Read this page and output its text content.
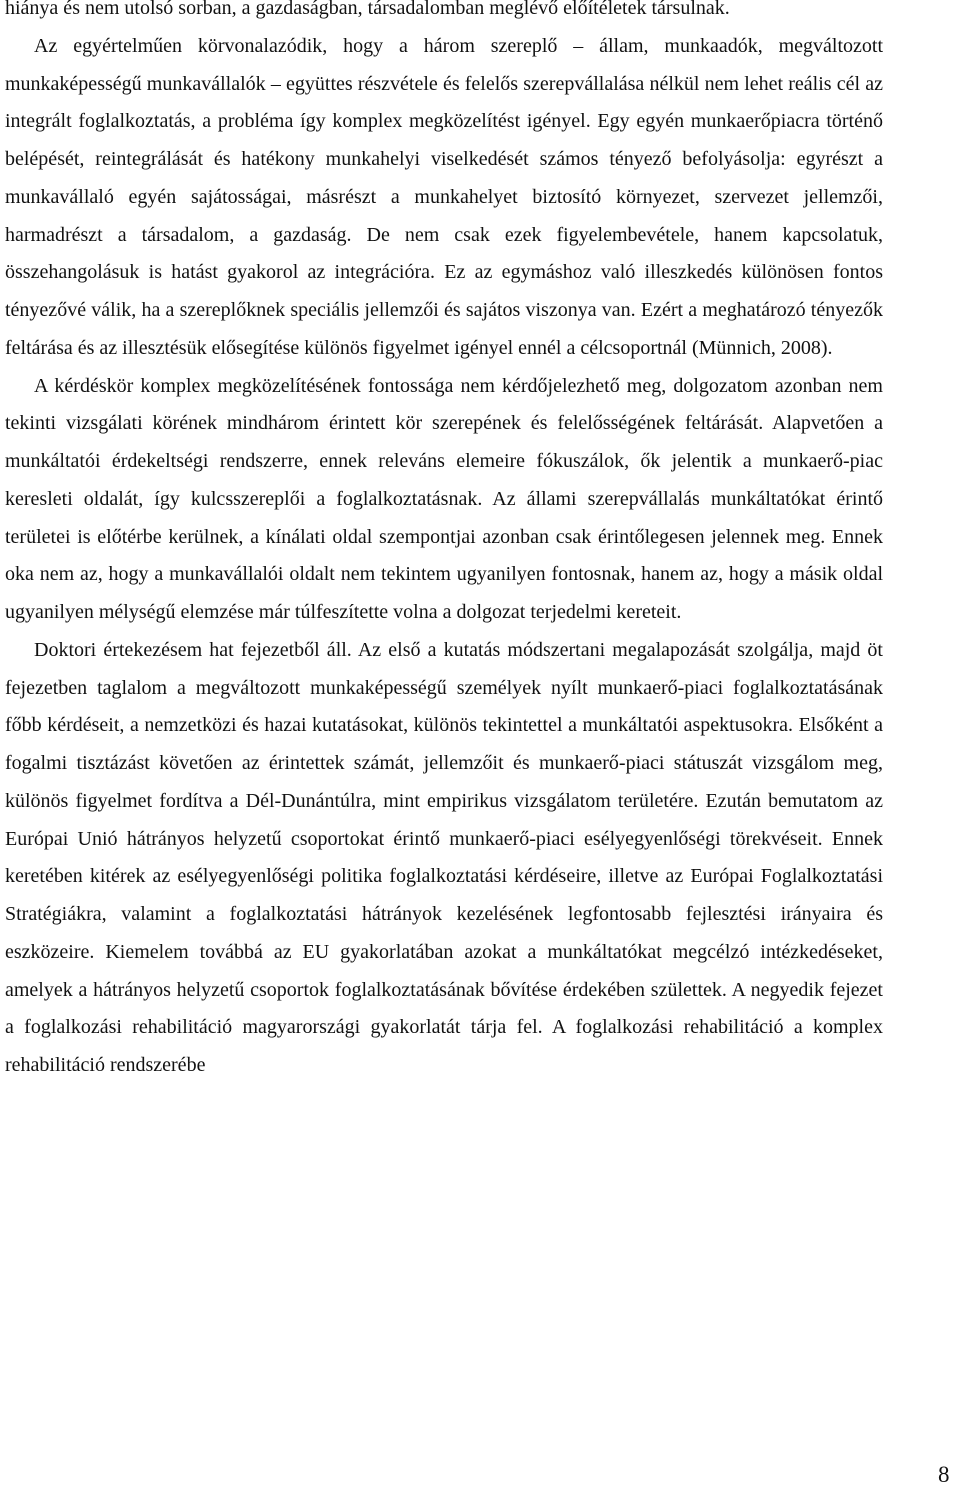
hiánya és nem utolsó sorban, a gazdaságban, társadalomban meglévő előítéletek társulnak.

Az egyértelműen körvonalazódik, hogy a három szereplő – állam, munkaadók, megváltozott munkaképességű munkavállalók – együttes részvétele és felelős szerepvállalása nélkül nem lehet reális cél az integrált foglalkoztatás, a probléma így komplex megközelítést igényel. Egy egyén munkaerőpiacra történő belépését, reintegrálását és hatékony munkahelyi viselkedését számos tényező befolyásolja: egyrészt a munkavállaló egyén sajátosságai, másrészt a munkahelyet biztosító környezet, szervezet jellemzői, harmadrészt a társadalom, a gazdaság. De nem csak ezek figyelembevétele, hanem kapcsolatuk, összehangolásuk is hatást gyakorol az integrációra. Ez az egymáshoz való illeszkedés különösen fontos tényezővé válik, ha a szereplőknek speciális jellemzői és sajátos viszonya van. Ezért a meghatározó tényezők feltárása és az illesztésük elősegítése különös figyelmet igényel ennél a célcsoportnál (Münnich, 2008).

A kérdéskör komplex megközelítésének fontossága nem kérdőjelezhető meg, dolgozatom azonban nem tekinti vizsgálati körének mindhárom érintett kör szerepének és felelősségének feltárását. Alapvetően a munkáltatói érdekeltségi rendszerre, ennek releváns elemeire fókuszálok, ők jelentik a munkaerő-piac keresleti oldalát, így kulcsszereplői a foglalkoztatásnak. Az állami szerepvállalás munkáltatókat érintő területei is előtérbe kerülnek, a kínálati oldal szempontjai azonban csak érintőlegesen jelennek meg. Ennek oka nem az, hogy a munkavállalói oldalt nem tekintem ugyanilyen fontosnak, hanem az, hogy a másik oldal ugyanilyen mélységű elemzése már túlfeszítette volna a dolgozat terjedelmi kereteit.

Doktori értekezésem hat fejezetből áll. Az első a kutatás módszertani megalapozását szolgálja, majd öt fejezetben taglalom a megváltozott munkaképességű személyek nyílt munkaerő-piaci foglalkoztatásának főbb kérdéseit, a nemzetközi és hazai kutatásokat, különös tekintettel a munkáltatói aspektusokra. Elsőként a fogalmi tisztázást követően az érintettek számát, jellemzőit és munkaerő-piaci státuszát vizsgálom meg, különös figyelmet fordítva a Dél-Dunántúlra, mint empirikus vizsgálatom területére. Ezután bemutatom az Európai Unió hátrányos helyzetű csoportokat érintő munkaerő-piaci esélyegyenlőségi törekvéseit. Ennek keretében kitérek az esélyegyenlőségi politika foglalkoztatási kérdéseire, illetve az Európai Foglalkoztatási Stratégiákra, valamint a foglalkoztatási hátrányok kezelésének legfontosabb fejlesztési irányaira és eszközeire. Kiemelem továbbá az EU gyakorlatában azokat a munkáltatókat megcélzó intézkedéseket, amelyek a hátrányos helyzetű csoportok foglalkoztatásának bővítése érdekében születtek. A negyedik fejezet a foglalkozási rehabilitáció magyarországi gyakorlatát tárja fel. A foglalkozási rehabilitáció a komplex rehabilitáció rendszerébe

8
